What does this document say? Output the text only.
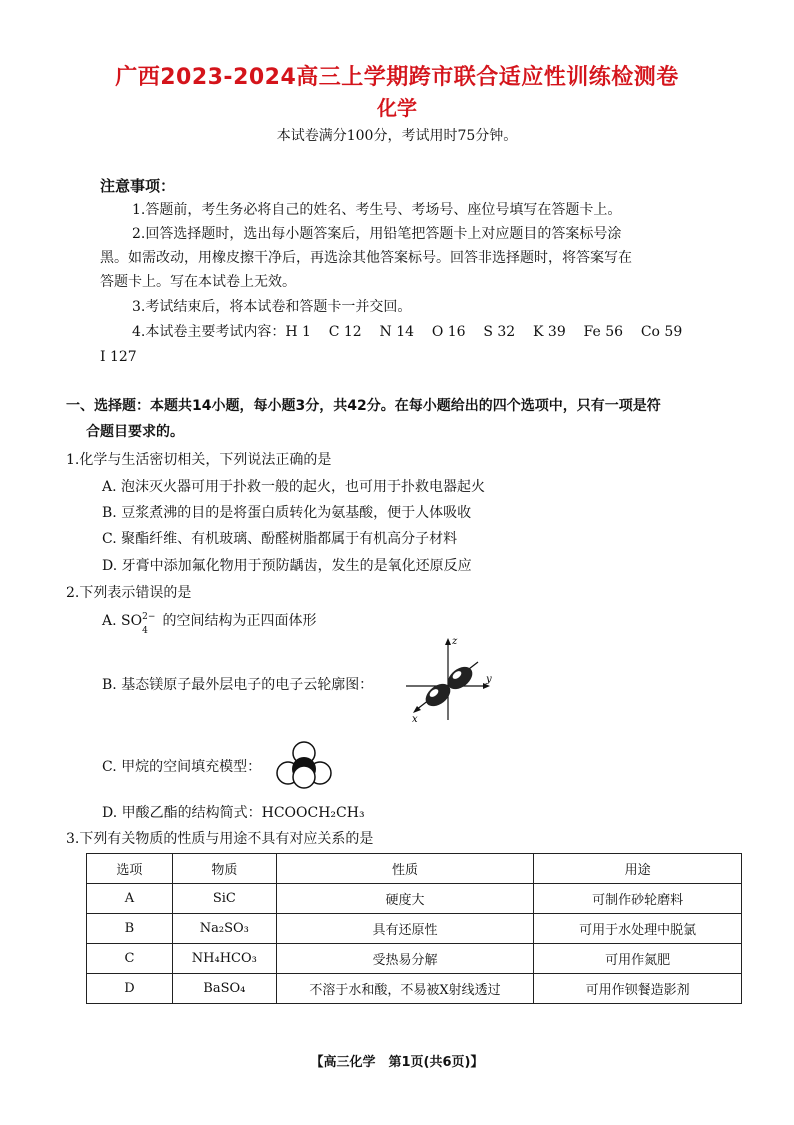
广西2023-2024高三上学期跨市联合适应性训练检测卷
化学
本试卷满分100分，考试用时75分钟。
注意事项：
1.答题前，考生务必将自己的姓名、考生号、考场号、座位号填写在答题卡上。
2.回答选择题时，选出每小题答案后，用铅笔把答题卡上对应题目的答案标号涂
黑。如需改动，用橡皮擦干净后，再选涂其他答案标号。回答非选择题时，将答案写在
答题卡上。写在本试卷上无效。
3.考试结束后，将本试卷和答题卡一并交回。
4.本试卷主要考试内容：H 1    C 12    N 14    O 16    S 32    K 39    Fe 56    Co 59
I 127
一、选择题：本题共14小题，每小题3分，共42分。在每小题给出的四个选项中，只有一项是符
合题目要求的。
1.化学与生活密切相关，下列说法正确的是
A. 泡沫灭火器可用于扑救一般的起火，也可用于扑救电器起火
B. 豆浆煮沸的目的是将蛋白质转化为氨基酸，便于人体吸收
C. 聚酯纤维、有机玻璃、酚醛树脂都属于有机高分子材料
D. 牙膏中添加氟化物用于预防龋齿，发生的是氧化还原反应
2.下列表示错误的是
A. SO 2−
4
的空间结构为正四面体形
B. 基态镁原子最外层电子的电子云轮廓图：
z
y
x
C. 甲烷的空间填充模型：
D. 甲酸乙酯的结构简式：HCOOCH₂CH₃
3.下列有关物质的性质与用途不具有对应关系的是
选项	物质	性质	用途
A	SiC	硬度大	可制作砂轮磨料
B	Na₂SO₃	具有还原性	可用于水处理中脱氯
C	NH₄HCO₃	受热易分解	可用作氮肥
D	BaSO₄	不溶于水和酸，不易被X射线透过	可用作钡餐造影剂
【高三化学　第1页(共6页)】
